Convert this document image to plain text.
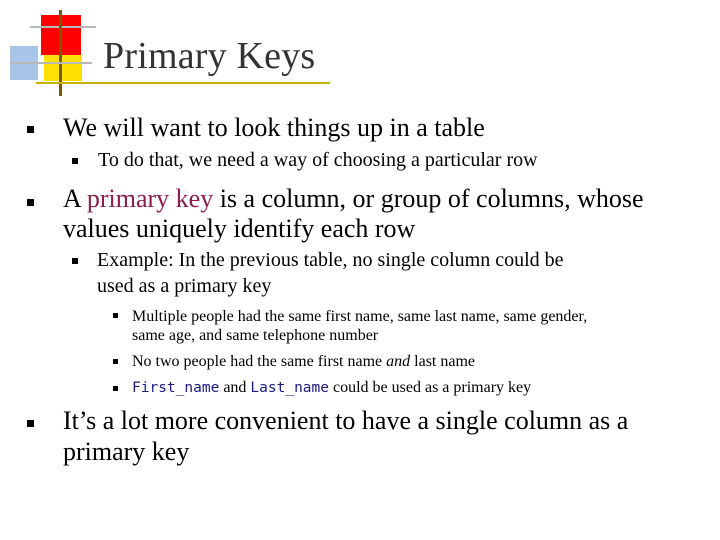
Primary Keys
We will want to look things up in a table
To do that, we need a way of choosing a particular row
A primary key is a column, or group of columns, whose
values uniquely identify each row
Example: In the previous table, no single column could be
used as a primary key
Multiple people had the same first name, same last name, same gender,
same age, and same telephone number
No two people had the same first name and last name
First_name and Last_name could be used as a primary key
It’s a lot more convenient to have a single column as a
primary key
